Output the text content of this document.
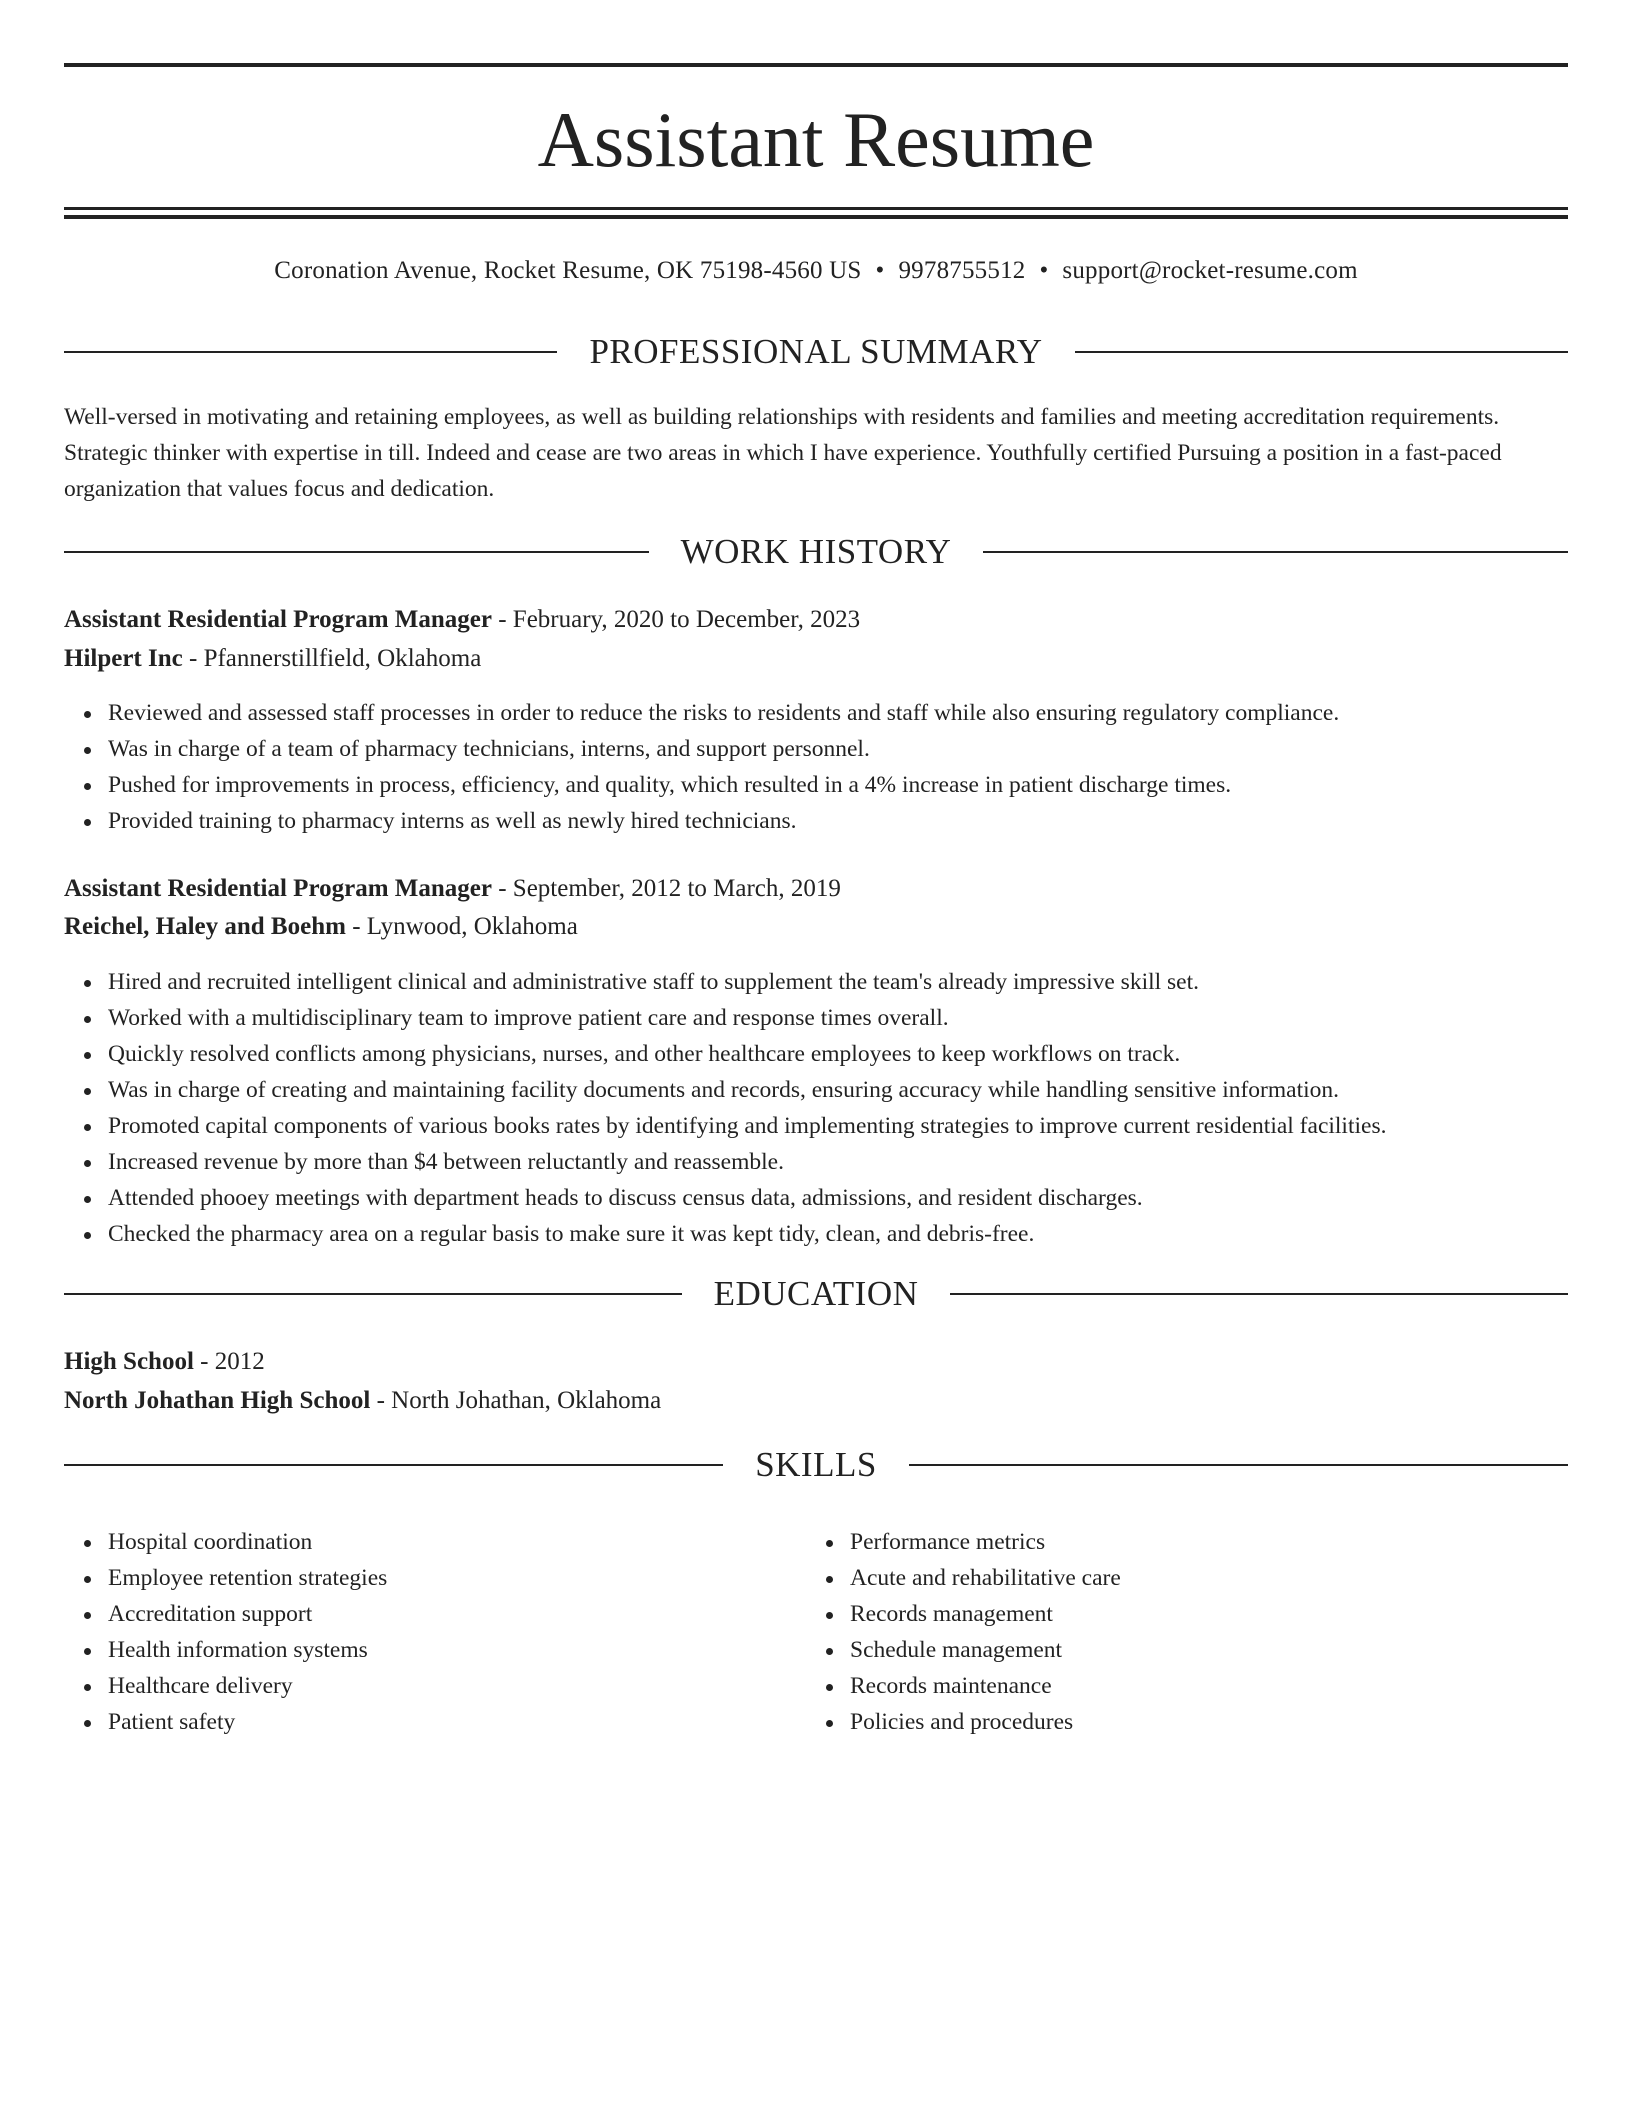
Assistant Resume
Coronation Avenue, Rocket Resume, OK 75198-4560 US • 9978755512 • support@rocket-resume.com
PROFESSIONAL SUMMARY

Well-versed in motivating and retaining employees, as well as building relationships with residents and families and meeting accreditation requirements. Strategic thinker with expertise in till. Indeed and cease are two areas in which I have experience. Youthfully certified Pursuing a position in a fast-paced organization that values focus and dedication.

WORK HISTORY
Assistant Residential Program Manager - February, 2020 to December, 2023
Hilpert Inc - Pfannerstillfield, Oklahoma
Reviewed and assessed staff processes in order to reduce the risks to residents and staff while also ensuring regulatory compliance.
Was in charge of a team of pharmacy technicians, interns, and support personnel.
Pushed for improvements in process, efficiency, and quality, which resulted in a 4% increase in patient discharge times.
Provided training to pharmacy interns as well as newly hired technicians.
Assistant Residential Program Manager - September, 2012 to March, 2019
Reichel, Haley and Boehm - Lynwood, Oklahoma
Hired and recruited intelligent clinical and administrative staff to supplement the team's already impressive skill set.
Worked with a multidisciplinary team to improve patient care and response times overall.
Quickly resolved conflicts among physicians, nurses, and other healthcare employees to keep workflows on track.
Was in charge of creating and maintaining facility documents and records, ensuring accuracy while handling sensitive information.
Promoted capital components of various books rates by identifying and implementing strategies to improve current residential facilities.
Increased revenue by more than $4 between reluctantly and reassemble.
Attended phooey meetings with department heads to discuss census data, admissions, and resident discharges.
Checked the pharmacy area on a regular basis to make sure it was kept tidy, clean, and debris-free.
EDUCATION
High School - 2012
North Johathan High School - North Johathan, Oklahoma
SKILLS
Hospital coordination
Employee retention strategies
Accreditation support
Health information systems
Healthcare delivery
Patient safety
Performance metrics
Acute and rehabilitative care
Records management
Schedule management
Records maintenance
Policies and procedures
